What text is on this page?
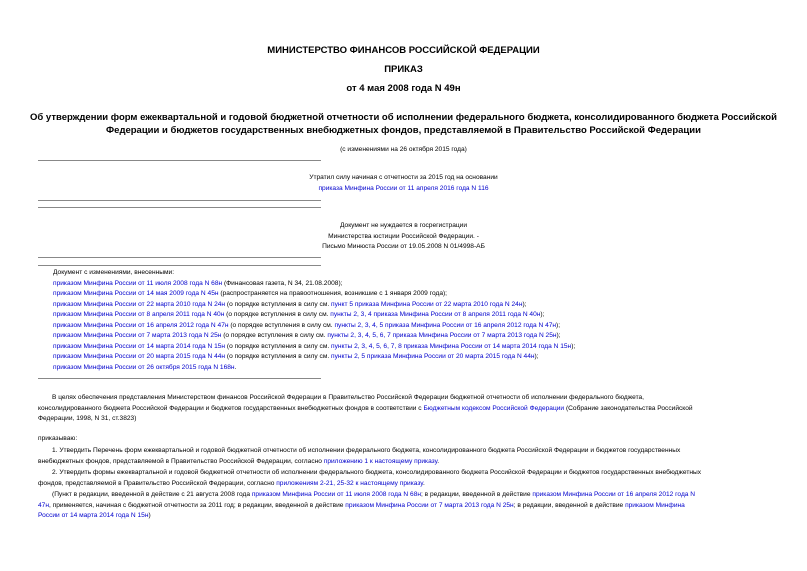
МИНИСТЕРСТВО ФИНАНСОВ РОССИЙСКОЙ ФЕДЕРАЦИИ
ПРИКАЗ
от 4 мая 2008 года N 49н
Об утверждении форм ежеквартальной и годовой бюджетной отчетности об исполнении федерального бюджета, консолидированного бюджета Российской
Федерации и бюджетов государственных внебюджетных фондов, представляемой в Правительство Российской Федерации
(с изменениями на 26 октября 2015 года)
Утратил силу начиная с отчетности за 2015 год на основании
приказа Минфина России от 11 апреля 2016 года N 116
Документ не нуждается в госрегистрации
Министерства юстиции Российской Федерации. -
Письмо Минюста России от 19.05.2008 N 01/4998-АБ
Документ с изменениями, внесенными:
приказом Минфина России от 11 июля 2008 года N 68н (Финансовая газета, N 34, 21.08.2008);
приказом Минфина России от 14 мая 2009 года N 45н (распространяется на правоотношения, возникшие с 1 января 2009 года);
приказом Минфина России от 22 марта 2010 года N 24н (о порядке вступления в силу см. пункт 5 приказа Минфина России от 22 марта 2010 года N 24н);
приказом Минфина России от 8 апреля 2011 года N 40н (о порядке вступления в силу см. пункты 2, 3, 4 приказа Минфина России от 8 апреля 2011 года N 40н);
приказом Минфина России от 16 апреля 2012 года N 47н (о порядке вступления в силу см. пункты 2, 3, 4, 5 приказа Минфина России от 16 апреля 2012 года N 47н);
приказом Минфина России от 7 марта 2013 года N 25н (о порядке вступления в силу см. пункты 2, 3, 4, 5, 6, 7 приказа Минфина России от 7 марта 2013 года N 25н);
приказом Минфина России от 14 марта 2014 года N 15н (о порядке вступления в силу см. пункты 2, 3, 4, 5, 6, 7, 8 приказа Минфина России от 14 марта 2014 года N 15н);
приказом Минфина России от 20 марта 2015 года N 44н (о порядке вступления в силу см. пункты 2, 5 приказа Минфина России от 20 марта 2015 года N 44н);
приказом Минфина России от 26 октября 2015 года N 168н.
В целях обеспечения представления Министерством финансов Российской Федерации в Правительство Российской Федерации бюджетной отчетности об исполнении федерального бюджета,
консолидированного бюджета Российской Федерации и бюджетов государственных внебюджетных фондов в соответствии с Бюджетным кодексом Российской Федерации (Собрание законодательства Российской
Федерации, 1998, N 31, ст.3823)
приказываю:
1. Утвердить Перечень форм ежеквартальной и годовой бюджетной отчетности об исполнении федерального бюджета, консолидированного бюджета Российской Федерации и бюджетов государственных
внебюджетных фондов, представляемой в Правительство Российской Федерации, согласно приложению 1 к настоящему приказу.
2. Утвердить формы ежеквартальной и годовой бюджетной отчетности об исполнении федерального бюджета, консолидированного бюджета Российской Федерации и бюджетов государственных внебюджетных
фондов, представляемой в Правительство Российской Федерации, согласно приложениям 2-21, 25-32 к настоящему приказу.
(Пункт в редакции, введенной в действие с 21 августа 2008 года приказом Минфина России от 11 июля 2008 года N 68н; в редакции, введенной в действие приказом Минфина России от 16 апреля 2012 года N
47н, применяется, начиная с бюджетной отчетности за 2011 год; в редакции, введенной в действие приказом Минфина России от 7 марта 2013 года N 25н; в редакции, введенной в действие приказом Минфина
России от 14 марта 2014 года N 15н)
